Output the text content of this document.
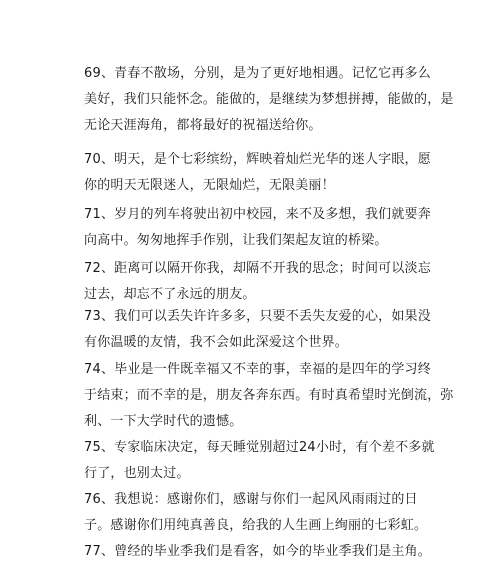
69、青春不散场，分别，是为了更好地相遇。记忆它再多么
美好，我们只能怀念。能做的，是继续为梦想拼搏，能做的，是
无论天涯海角，都将最好的祝福送给你。

70、明天，是个七彩缤纷，辉映着灿烂光华的迷人字眼，愿
你的明天无限迷人，无限灿烂，无限美丽！

71、岁月的列车将驶出初中校园，来不及多想，我们就要奔
向高中。匆匆地挥手作别，让我们架起友谊的桥梁。

72、距离可以隔开你我，却隔不开我的思念；时间可以淡忘
过去，却忘不了永远的朋友。

73、我们可以丢失许许多多，只要不丢失友爱的心，如果没
有你温暖的友情，我不会如此深爱这个世界。

74、毕业是一件既幸福又不幸的事，幸福的是四年的学习终
于结束；而不幸的是，朋友各奔东西。有时真希望时光倒流，弥
利、一下大学时代的遗憾。

75、专家临床决定，每天睡觉别超过24小时，有个差不多就
行了，也别太过。

76、我想说：感谢你们，感谢与你们一起风风雨雨过的日
子。感谢你们用纯真善良，给我的人生画上绚丽的七彩虹。

77、曾经的毕业季我们是看客，如今的毕业季我们是主角。
